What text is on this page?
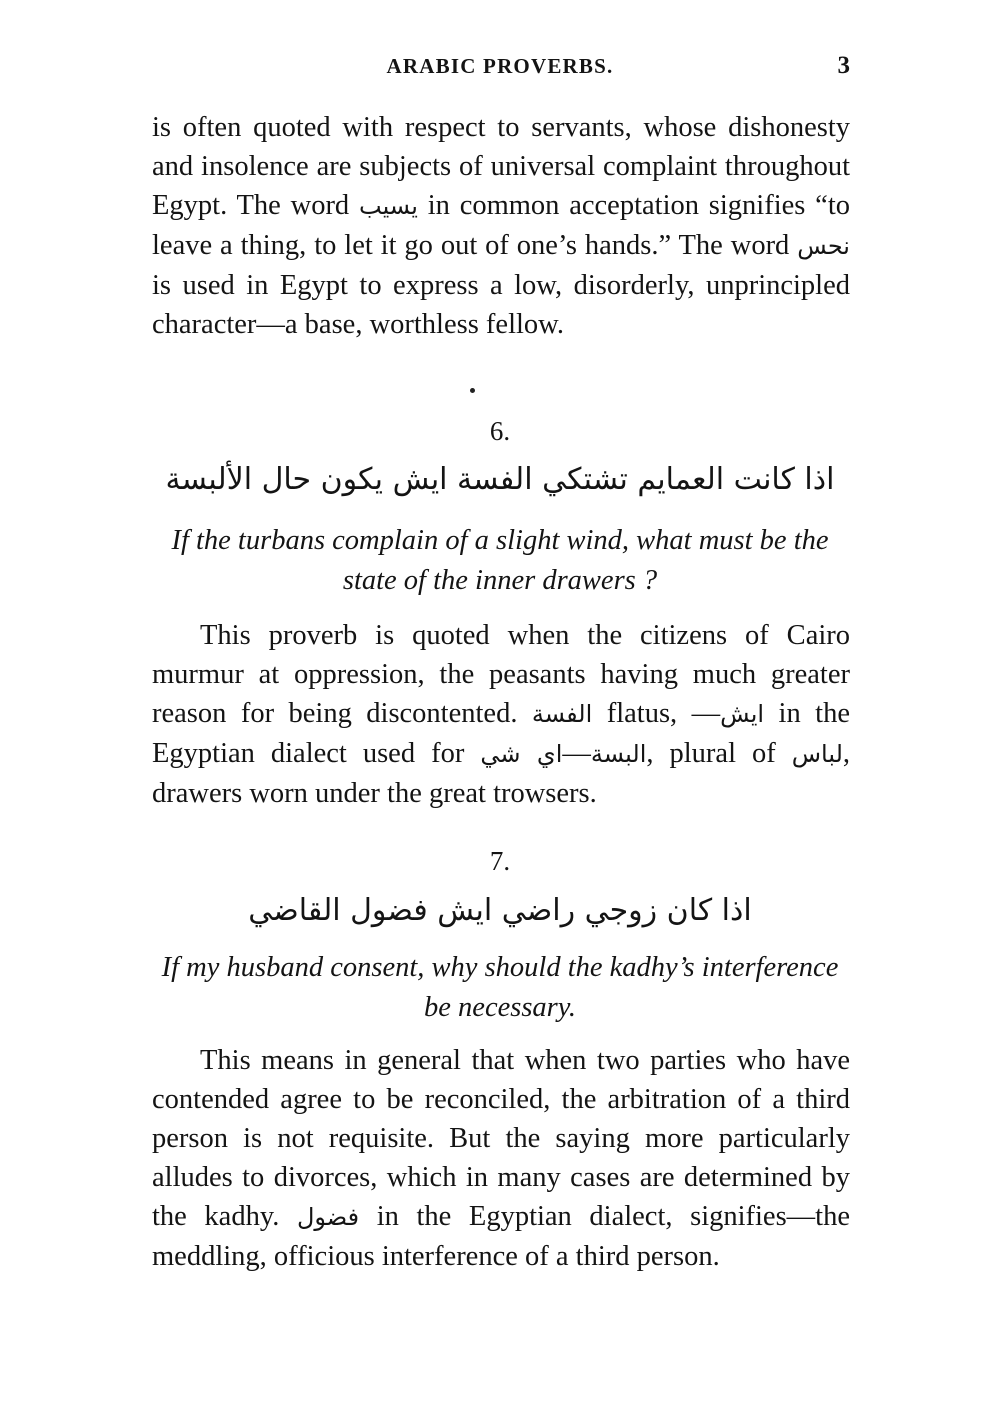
ARABIC PROVERBS.	3

is often quoted with respect to servants, whose dishonesty and insolence are subjects of universal complaint throughout Egypt. The word يسيب in common acceptation signifies “to leave a thing, to let it go out of one’s hands.” The word نحس is used in Egypt to express a low, disorderly, unprincipled character—a base, worthless fellow.

6.
اذا كانت العمايم تشتكي الفسة ايش يكون حال الألبسة

If the turbans complain of a slight wind, what must be the state of the inner drawers ?

This proverb is quoted when the citizens of Cairo murmur at oppression, the peasants having much greater reason for being discontented. الفسة flatus, —ايش in the Egyptian dialect used for اي شي—البسة, plural of لباس, drawers worn under the great trowsers.

7.
اذا كان زوجي راضي ايش فضول القاضي

If my husband consent, why should the kadhy’s interference be necessary.

This means in general that when two parties who have contended agree to be reconciled, the arbitration of a third person is not requisite. But the saying more particularly alludes to divorces, which in many cases are determined by the kadhy. فضول in the Egyptian dialect, signifies—the meddling, officious interference of a third person.
